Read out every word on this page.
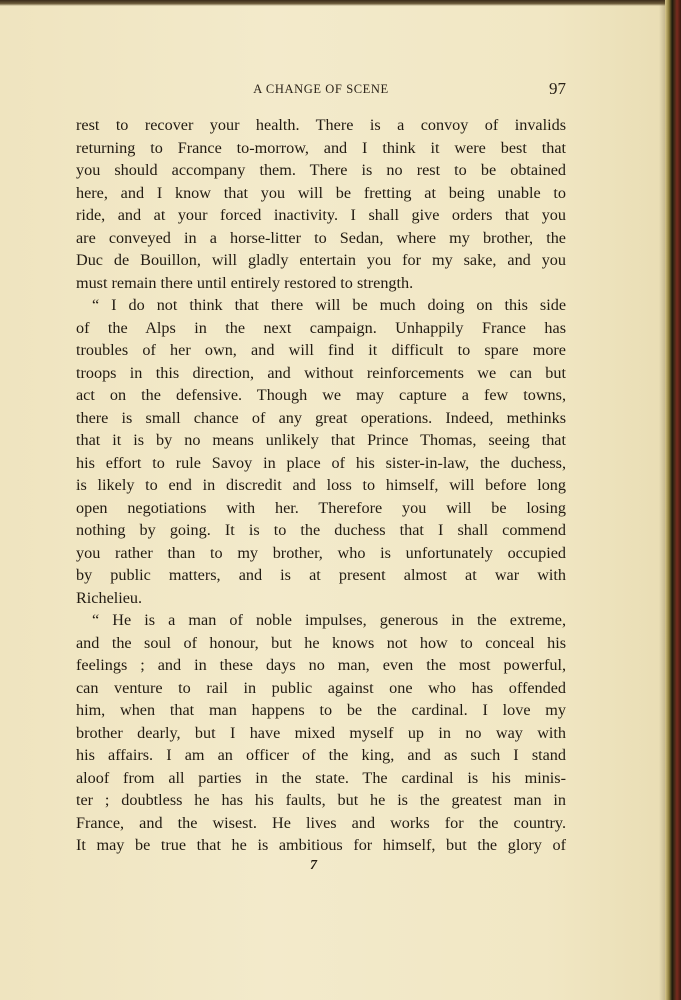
A CHANGE OF SCENE	97
rest to recover your health. There is a convoy of invalids
returning to France to-morrow, and I think it were best that
you should accompany them. There is no rest to be obtained
here, and I know that you will be fretting at being unable to
ride, and at your forced inactivity. I shall give orders that you
are conveyed in a horse-litter to Sedan, where my brother, the
Duc de Bouillon, will gladly entertain you for my sake, and you
must remain there until entirely restored to strength.
“ I do not think that there will be much doing on this side
of the Alps in the next campaign. Unhappily France has
troubles of her own, and will find it difficult to spare more
troops in this direction, and without reinforcements we can but
act on the defensive. Though we may capture a few towns,
there is small chance of any great operations. Indeed, methinks
that it is by no means unlikely that Prince Thomas, seeing that
his effort to rule Savoy in place of his sister-in-law, the duchess,
is likely to end in discredit and loss to himself, will before long
open negotiations with her. Therefore you will be losing
nothing by going. It is to the duchess that I shall commend
you rather than to my brother, who is unfortunately occupied
by public matters, and is at present almost at war with
Richelieu.
“ He is a man of noble impulses, generous in the extreme,
and the soul of honour, but he knows not how to conceal his
feelings ; and in these days no man, even the most powerful,
can venture to rail in public against one who has offended
him, when that man happens to be the cardinal. I love my
brother dearly, but I have mixed myself up in no way with
his affairs. I am an officer of the king, and as such I stand
aloof from all parties in the state. The cardinal is his minis-
ter ; doubtless he has his faults, but he is the greatest man in
France, and the wisest. He lives and works for the country.
It may be true that he is ambitious for himself, but the glory of
7
